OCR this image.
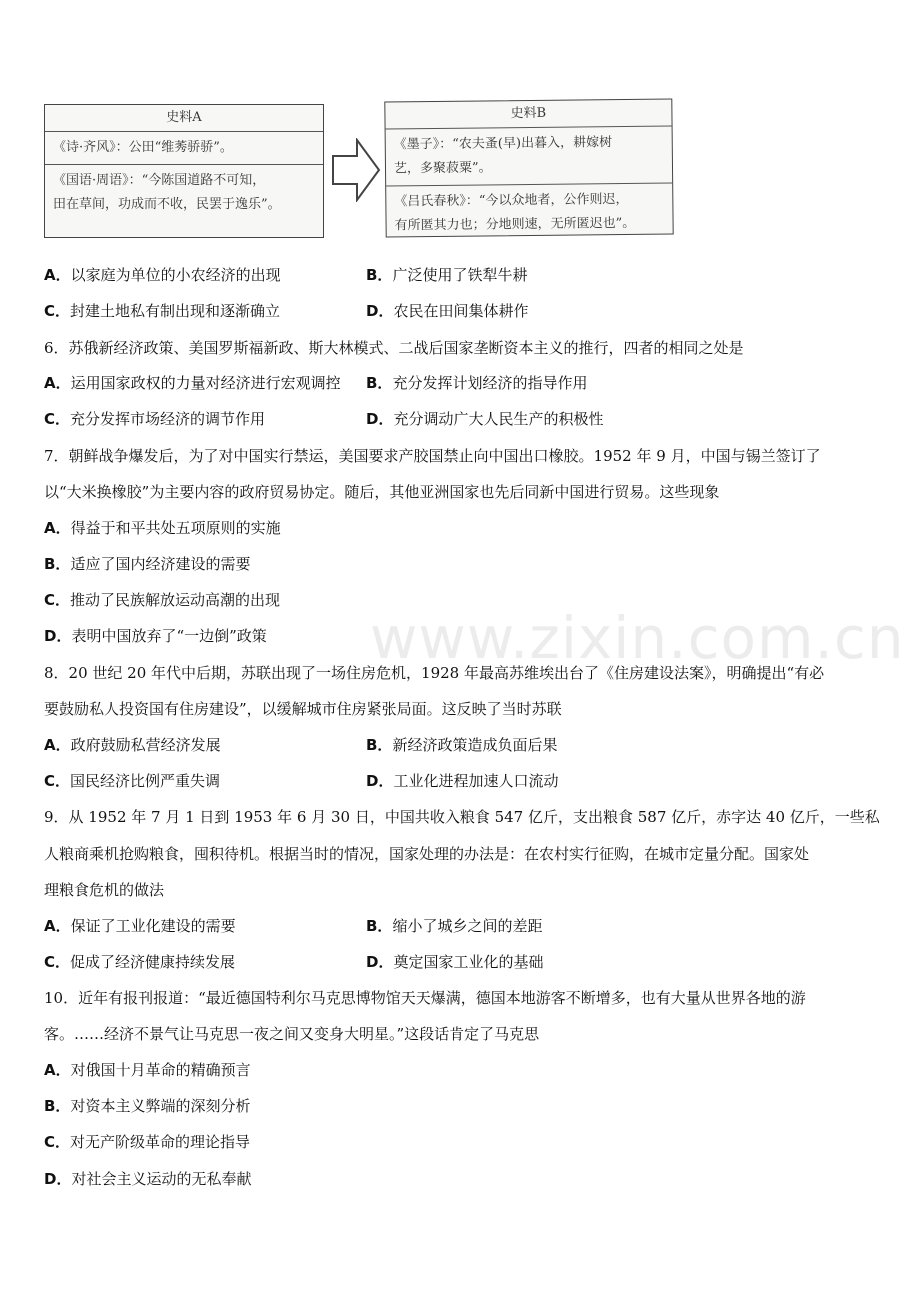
史料A
《诗·齐风》：公田“维莠骄骄”。
《国语·周语》：“今陈国道路不可知，
田在草间，功成而不收，民罢于逸乐”。
史料B
《墨子》：“农夫蚤(早)出暮入，耕嫁树
艺，多聚菽粟”。
《吕氏春秋》：“今以众地者，公作则迟，
有所匿其力也；分地则速，无所匿迟也”。
A．以家庭为单位的小农经济的出现	B．广泛使用了铁犁牛耕
C．封建土地私有制出现和逐渐确立	D．农民在田间集体耕作
6．苏俄新经济政策、美国罗斯福新政、斯大林模式、二战后国家垄断资本主义的推行，四者的相同之处是
A．运用国家政权的力量对经济进行宏观调控 B．充分发挥计划经济的指导作用
C．充分发挥市场经济的调节作用	D．充分调动广大人民生产的积极性
7．朝鲜战争爆发后，为了对中国实行禁运，美国要求产胶国禁止向中国出口橡胶。1952 年 9 月，中国与锡兰签订了
以“大米换橡胶”为主要内容的政府贸易协定。随后，其他亚洲国家也先后同新中国进行贸易。这些现象
A．得益于和平共处五项原则的实施
B．适应了国内经济建设的需要
C．推动了民族解放运动高潮的出现
D．表明中国放弃了“一边倒”政策
8．20 世纪 20 年代中后期，苏联出现了一场住房危机，1928 年最高苏维埃出台了《住房建设法案》，明确提出“有必
要鼓励私人投资国有住房建设”，以缓解城市住房紧张局面。这反映了当时苏联
A．政府鼓励私营经济发展	B．新经济政策造成负面后果
C．国民经济比例严重失调	D．工业化进程加速人口流动
9．从 1952 年 7 月 1 日到 1953 年 6 月 30 日，中国共收入粮食 547 亿斤，支出粮食 587 亿斤，赤字达 40 亿斤，一些私
人粮商乘机抢购粮食，囤积待机。根据当时的情况，国家处理的办法是：在农村实行征购，在城市定量分配。国家处
理粮食危机的做法
A．保证了工业化建设的需要	B．缩小了城乡之间的差距
C．促成了经济健康持续发展	D．奠定国家工业化的基础
10．近年有报刊报道：“最近德国特利尔马克思博物馆天天爆满，德国本地游客不断增多，也有大量从世界各地的游
客。……经济不景气让马克思一夜之间又变身大明星。”这段话肯定了马克思
A．对俄国十月革命的精确预言
B．对资本主义弊端的深刻分析
C．对无产阶级革命的理论指导
D．对社会主义运动的无私奉献
www.zixin.com.cn
